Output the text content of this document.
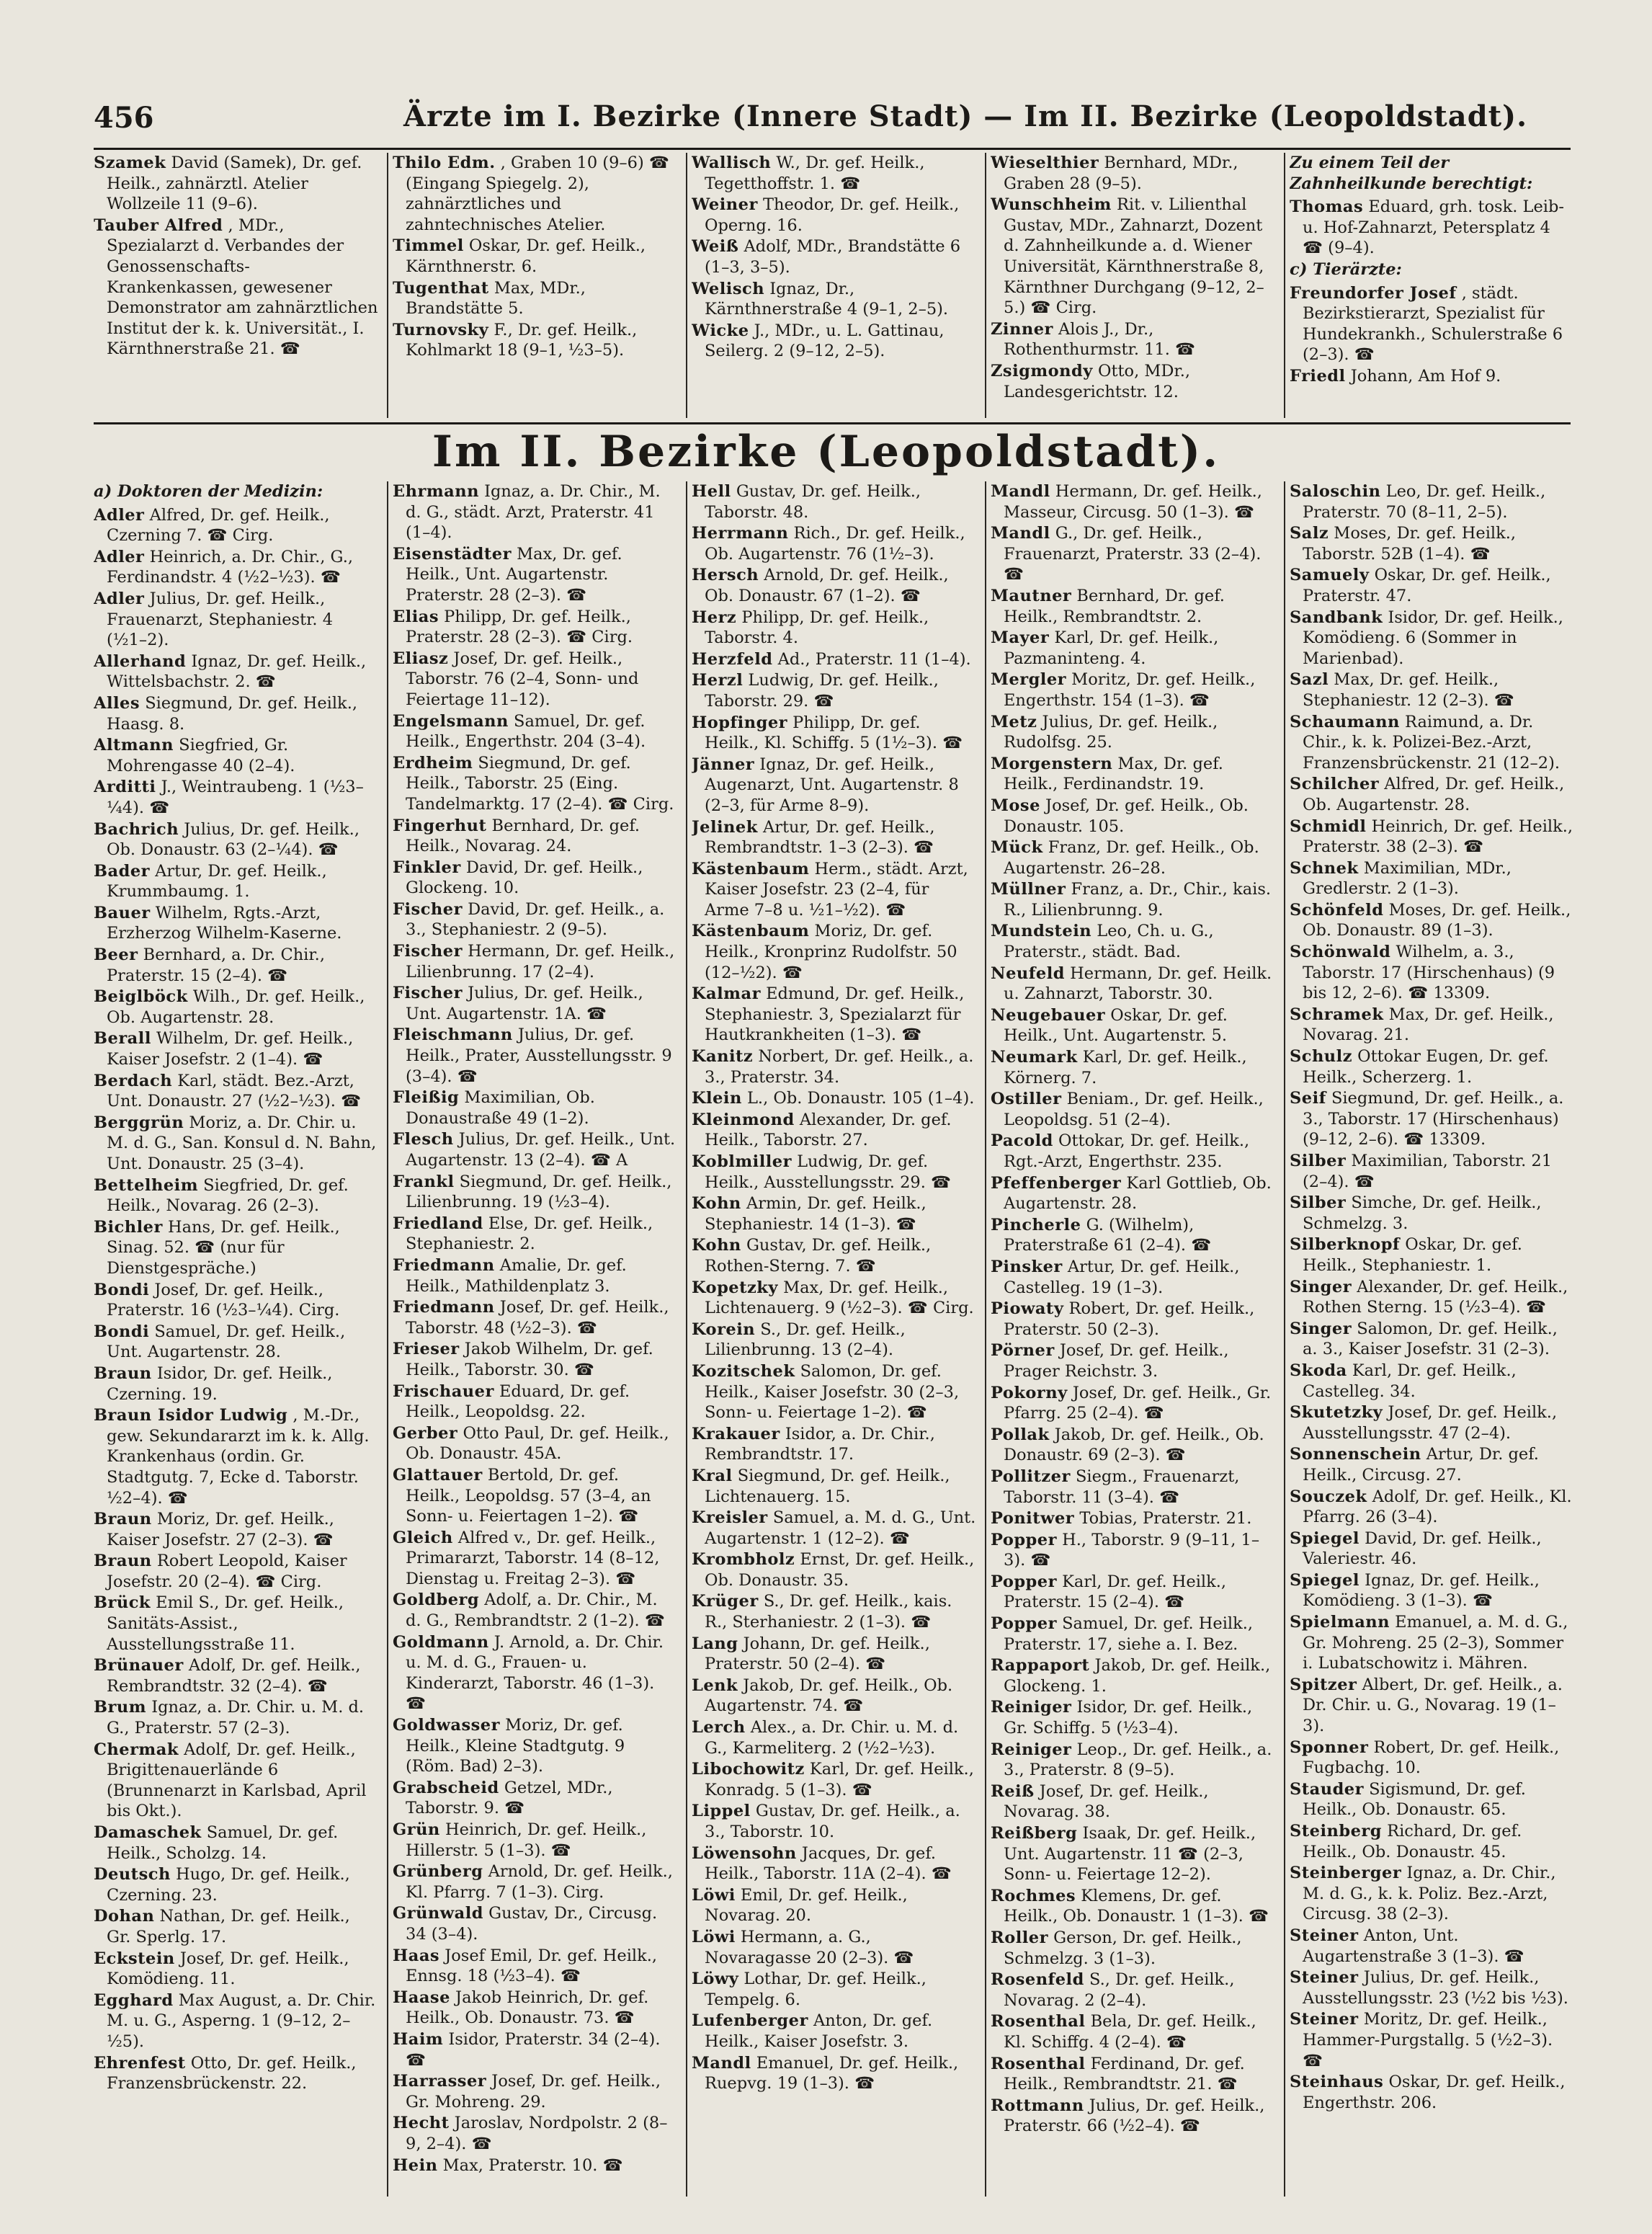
456	Ärzte im I. Bezirke (Innere Stadt) — Im II. Bezirke (Leopoldstadt).
Szamek David (Samek), Dr. gef. Heilk., zahnärztl. Atelier Wollzeile 11 (9–6).
Tauber Alfred , MDr., Spezialarzt d. Verbandes der Genossenschafts-Krankenkassen, gewesener Demonstrator am zahnärztlichen Institut der k. k. Universität., I. Kärnthnerstraße 21. ☎
Thilo Edm. , Graben 10 (9–6) ☎ (Eingang Spiegelg. 2), zahnärztliches und zahntechnisches Atelier.
Timmel Oskar, Dr. gef. Heilk., Kärnthnerstr. 6.
Tugenthat Max, MDr., Brandstätte 5.
Turnovsky F., Dr. gef. Heilk., Kohlmarkt 18 (9–1, ½3–5).
Wallisch W., Dr. gef. Heilk., Tegetthoffstr. 1. ☎
Weiner Theodor, Dr. gef. Heilk., Operng. 16.
Weiß Adolf, MDr., Brandstätte 6 (1–3, 3–5).
Welisch Ignaz, Dr., Kärnthnerstraße 4 (9–1, 2–5).
Wicke J., MDr., u. L. Gattinau, Seilerg. 2 (9–12, 2–5).
Wieselthier Bernhard, MDr., Graben 28 (9–5).
Wunschheim Rit. v. Lilienthal Gustav, MDr., Zahnarzt, Dozent d. Zahnheilkunde a. d. Wiener Universität, Kärnthnerstraße 8, Kärnthner Durchgang (9–12, 2–5.) ☎ Cirg.
Zinner Alois J., Dr., Rothenthurmstr. 11. ☎
Zsigmondy Otto, MDr., Landesgerichtstr. 12.
Zu einem Teil der Zahnheilkunde berechtigt:
Thomas Eduard, grh. tosk. Leib- u. Hof-Zahnarzt, Petersplatz 4 ☎ (9–4).
c) Tierärzte:
Freundorfer Josef , städt. Bezirkstierarzt, Spezialist für Hundekrankh., Schulerstraße 6 (2–3). ☎
Friedl Johann, Am Hof 9.
Im II. Bezirke (Leopoldstadt).
a) Doktoren der Medizin:
Adler Alfred, Dr. gef. Heilk., Czerning 7. ☎ Cirg.
Adler Heinrich, a. Dr. Chir., G., Ferdinandstr. 4 (½2–½3). ☎
Adler Julius, Dr. gef. Heilk., Frauenarzt, Stephaniestr. 4 (½1–2).
Allerhand Ignaz, Dr. gef. Heilk., Wittelsbachstr. 2. ☎
Alles Siegmund, Dr. gef. Heilk., Haasg. 8.
Altmann Siegfried, Gr. Mohrengasse 40 (2–4).
Arditti J., Weintraubeng. 1 (½3–¼4). ☎
Bachrich Julius, Dr. gef. Heilk., Ob. Donaustr. 63 (2–¼4). ☎
Bader Artur, Dr. gef. Heilk., Krummbaumg. 1.
Bauer Wilhelm, Rgts.-Arzt, Erzherzog Wilhelm-Kaserne.
Beer Bernhard, a. Dr. Chir., Praterstr. 15 (2–4). ☎
Beiglböck Wilh., Dr. gef. Heilk., Ob. Augartenstr. 28.
Berall Wilhelm, Dr. gef. Heilk., Kaiser Josefstr. 2 (1–4). ☎
Berdach Karl, städt. Bez.-Arzt, Unt. Donaustr. 27 (½2–½3). ☎
Berggrün Moriz, a. Dr. Chir. u. M. d. G., San. Konsul d. N. Bahn, Unt. Donaustr. 25 (3–4).
Bettelheim Siegfried, Dr. gef. Heilk., Novarag. 26 (2–3).
Bichler Hans, Dr. gef. Heilk., Sinag. 52. ☎ (nur für Dienstgespräche.)
Bondi Josef, Dr. gef. Heilk., Praterstr. 16 (½3–¼4). Cirg.
Bondi Samuel, Dr. gef. Heilk., Unt. Augartenstr. 28.
Braun Isidor, Dr. gef. Heilk., Czerning. 19.
Braun Isidor Ludwig , M.-Dr., gew. Sekundararzt im k. k. Allg. Krankenhaus (ordin. Gr. Stadtgutg. 7, Ecke d. Taborstr. ½2–4). ☎
Braun Moriz, Dr. gef. Heilk., Kaiser Josefstr. 27 (2–3). ☎
Braun Robert Leopold, Kaiser Josefstr. 20 (2–4). ☎ Cirg.
Brück Emil S., Dr. gef. Heilk., Sanitäts-Assist., Ausstellungsstraße 11.
Brünauer Adolf, Dr. gef. Heilk., Rembrandtstr. 32 (2–4). ☎
Brum Ignaz, a. Dr. Chir. u. M. d. G., Praterstr. 57 (2–3).
Chermak Adolf, Dr. gef. Heilk., Brigittenauerlände 6 (Brunnenarzt in Karlsbad, April bis Okt.).
Damaschek Samuel, Dr. gef. Heilk., Scholzg. 14.
Deutsch Hugo, Dr. gef. Heilk., Czerning. 23.
Dohan Nathan, Dr. gef. Heilk., Gr. Sperlg. 17.
Eckstein Josef, Dr. gef. Heilk., Komödieng. 11.
Egghard Max August, a. Dr. Chir. M. u. G., Asperng. 1 (9–12, 2–½5).
Ehrenfest Otto, Dr. gef. Heilk., Franzensbrückenstr. 22.
Ehrmann Ignaz, a. Dr. Chir., M. d. G., städt. Arzt, Praterstr. 41 (1–4).
Eisenstädter Max, Dr. gef. Heilk., Unt. Augartenstr. Praterstr. 28 (2–3). ☎
Elias Philipp, Dr. gef. Heilk., Praterstr. 28 (2–3). ☎ Cirg.
Eliasz Josef, Dr. gef. Heilk., Taborstr. 76 (2–4, Sonn- und Feiertage 11–12).
Engelsmann Samuel, Dr. gef. Heilk., Engerthstr. 204 (3–4).
Erdheim Siegmund, Dr. gef. Heilk., Taborstr. 25 (Eing. Tandelmarktg. 17 (2–4). ☎ Cirg.
Fingerhut Bernhard, Dr. gef. Heilk., Novarag. 24.
Finkler David, Dr. gef. Heilk., Glockeng. 10.
Fischer David, Dr. gef. Heilk., a. 3., Stephaniestr. 2 (9–5).
Fischer Hermann, Dr. gef. Heilk., Lilienbrunng. 17 (2–4).
Fischer Julius, Dr. gef. Heilk., Unt. Augartenstr. 1A. ☎
Fleischmann Julius, Dr. gef. Heilk., Prater, Ausstellungsstr. 9 (3–4). ☎
Fleißig Maximilian, Ob. Donaustraße 49 (1–2).
Flesch Julius, Dr. gef. Heilk., Unt. Augartenstr. 13 (2–4). ☎ A
Frankl Siegmund, Dr. gef. Heilk., Lilienbrunng. 19 (½3–4).
Friedland Else, Dr. gef. Heilk., Stephaniestr. 2.
Friedmann Amalie, Dr. gef. Heilk., Mathildenplatz 3.
Friedmann Josef, Dr. gef. Heilk., Taborstr. 48 (½2–3). ☎
Frieser Jakob Wilhelm, Dr. gef. Heilk., Taborstr. 30. ☎
Frischauer Eduard, Dr. gef. Heilk., Leopoldsg. 22.
Gerber Otto Paul, Dr. gef. Heilk., Ob. Donaustr. 45A.
Glattauer Bertold, Dr. gef. Heilk., Leopoldsg. 57 (3–4, an Sonn- u. Feiertagen 1–2). ☎
Gleich Alfred v., Dr. gef. Heilk., Primararzt, Taborstr. 14 (8–12, Dienstag u. Freitag 2–3). ☎
Goldberg Adolf, a. Dr. Chir., M. d. G., Rembrandtstr. 2 (1–2). ☎
Goldmann J. Arnold, a. Dr. Chir. u. M. d. G., Frauen- u. Kinderarzt, Taborstr. 46 (1–3). ☎
Goldwasser Moriz, Dr. gef. Heilk., Kleine Stadtgutg. 9 (Röm. Bad) 2–3).
Grabscheid Getzel, MDr., Taborstr. 9. ☎
Grün Heinrich, Dr. gef. Heilk., Hillerstr. 5 (1–3). ☎
Grünberg Arnold, Dr. gef. Heilk., Kl. Pfarrg. 7 (1–3). Cirg.
Grünwald Gustav, Dr., Circusg. 34 (3–4).
Haas Josef Emil, Dr. gef. Heilk., Ennsg. 18 (½3–4). ☎
Haase Jakob Heinrich, Dr. gef. Heilk., Ob. Donaustr. 73. ☎
Haim Isidor, Praterstr. 34 (2–4). ☎
Harrasser Josef, Dr. gef. Heilk., Gr. Mohreng. 29.
Hecht Jaroslav, Nordpolstr. 2 (8–9, 2–4). ☎
Hein Max, Praterstr. 10. ☎
Hell Gustav, Dr. gef. Heilk., Taborstr. 48.
Herrmann Rich., Dr. gef. Heilk., Ob. Augartenstr. 76 (1½–3).
Hersch Arnold, Dr. gef. Heilk., Ob. Donaustr. 67 (1–2). ☎
Herz Philipp, Dr. gef. Heilk., Taborstr. 4.
Herzfeld Ad., Praterstr. 11 (1–4).
Herzl Ludwig, Dr. gef. Heilk., Taborstr. 29. ☎
Hopfinger Philipp, Dr. gef. Heilk., Kl. Schiffg. 5 (1½–3). ☎
Jänner Ignaz, Dr. gef. Heilk., Augenarzt, Unt. Augartenstr. 8 (2–3, für Arme 8–9).
Jelinek Artur, Dr. gef. Heilk., Rembrandtstr. 1–3 (2–3). ☎
Kästenbaum Herm., städt. Arzt, Kaiser Josefstr. 23 (2–4, für Arme 7–8 u. ½1–½2). ☎
Kästenbaum Moriz, Dr. gef. Heilk., Kronprinz Rudolfstr. 50 (12–½2). ☎
Kalmar Edmund, Dr. gef. Heilk., Stephaniestr. 3, Spezialarzt für Hautkrankheiten (1–3). ☎
Kanitz Norbert, Dr. gef. Heilk., a. 3., Praterstr. 34.
Klein L., Ob. Donaustr. 105 (1–4).
Kleinmond Alexander, Dr. gef. Heilk., Taborstr. 27.
Koblmiller Ludwig, Dr. gef. Heilk., Ausstellungsstr. 29. ☎
Kohn Armin, Dr. gef. Heilk., Stephaniestr. 14 (1–3). ☎
Kohn Gustav, Dr. gef. Heilk., Rothen-Sterng. 7. ☎
Kopetzky Max, Dr. gef. Heilk., Lichtenauerg. 9 (½2–3). ☎ Cirg.
Korein S., Dr. gef. Heilk., Lilienbrunng. 13 (2–4).
Kozitschek Salomon, Dr. gef. Heilk., Kaiser Josefstr. 30 (2–3, Sonn- u. Feiertage 1–2). ☎
Krakauer Isidor, a. Dr. Chir., Rembrandtstr. 17.
Kral Siegmund, Dr. gef. Heilk., Lichtenauerg. 15.
Kreisler Samuel, a. M. d. G., Unt. Augartenstr. 1 (12–2). ☎
Krombholz Ernst, Dr. gef. Heilk., Ob. Donaustr. 35.
Krüger S., Dr. gef. Heilk., kais. R., Sterhaniestr. 2 (1–3). ☎
Lang Johann, Dr. gef. Heilk., Praterstr. 50 (2–4). ☎
Lenk Jakob, Dr. gef. Heilk., Ob. Augartenstr. 74. ☎
Lerch Alex., a. Dr. Chir. u. M. d. G., Karmeliterg. 2 (½2–½3).
Libochowitz Karl, Dr. gef. Heilk., Konradg. 5 (1–3). ☎
Lippel Gustav, Dr. gef. Heilk., a. 3., Taborstr. 10.
Löwensohn Jacques, Dr. gef. Heilk., Taborstr. 11A (2–4). ☎
Löwi Emil, Dr. gef. Heilk., Novarag. 20.
Löwi Hermann, a. G., Novaragasse 20 (2–3). ☎
Löwy Lothar, Dr. gef. Heilk., Tempelg. 6.
Lufenberger Anton, Dr. gef. Heilk., Kaiser Josefstr. 3.
Mandl Emanuel, Dr. gef. Heilk., Ruepvg. 19 (1–3). ☎
Mandl Hermann, Dr. gef. Heilk., Masseur, Circusg. 50 (1–3). ☎
Mandl G., Dr. gef. Heilk., Frauenarzt, Praterstr. 33 (2–4). ☎
Mautner Bernhard, Dr. gef. Heilk., Rembrandtstr. 2.
Mayer Karl, Dr. gef. Heilk., Pazmaninteng. 4.
Mergler Moritz, Dr. gef. Heilk., Engerthstr. 154 (1–3). ☎
Metz Julius, Dr. gef. Heilk., Rudolfsg. 25.
Morgenstern Max, Dr. gef. Heilk., Ferdinandstr. 19.
Mose Josef, Dr. gef. Heilk., Ob. Donaustr. 105.
Mück Franz, Dr. gef. Heilk., Ob. Augartenstr. 26–28.
Müllner Franz, a. Dr., Chir., kais. R., Lilienbrunng. 9.
Mundstein Leo, Ch. u. G., Praterstr., städt. Bad.
Neufeld Hermann, Dr. gef. Heilk. u. Zahnarzt, Taborstr. 30.
Neugebauer Oskar, Dr. gef. Heilk., Unt. Augartenstr. 5.
Neumark Karl, Dr. gef. Heilk., Körnerg. 7.
Ostiller Beniam., Dr. gef. Heilk., Leopoldsg. 51 (2–4).
Pacold Ottokar, Dr. gef. Heilk., Rgt.-Arzt, Engerthstr. 235.
Pfeffenberger Karl Gottlieb, Ob. Augartenstr. 28.
Pincherle G. (Wilhelm), Praterstraße 61 (2–4). ☎
Pinsker Artur, Dr. gef. Heilk., Castelleg. 19 (1–3).
Piowaty Robert, Dr. gef. Heilk., Praterstr. 50 (2–3).
Pörner Josef, Dr. gef. Heilk., Prager Reichstr. 3.
Pokorny Josef, Dr. gef. Heilk., Gr. Pfarrg. 25 (2–4). ☎
Pollak Jakob, Dr. gef. Heilk., Ob. Donaustr. 69 (2–3). ☎
Pollitzer Siegm., Frauenarzt, Taborstr. 11 (3–4). ☎
Ponitwer Tobias, Praterstr. 21.
Popper H., Taborstr. 9 (9–11, 1–3). ☎
Popper Karl, Dr. gef. Heilk., Praterstr. 15 (2–4). ☎
Popper Samuel, Dr. gef. Heilk., Praterstr. 17, siehe a. I. Bez.
Rappaport Jakob, Dr. gef. Heilk., Glockeng. 1.
Reiniger Isidor, Dr. gef. Heilk., Gr. Schiffg. 5 (½3–4).
Reiniger Leop., Dr. gef. Heilk., a. 3., Praterstr. 8 (9–5).
Reiß Josef, Dr. gef. Heilk., Novarag. 38.
Reißberg Isaak, Dr. gef. Heilk., Unt. Augartenstr. 11 ☎ (2–3, Sonn- u. Feiertage 12–2).
Rochmes Klemens, Dr. gef. Heilk., Ob. Donaustr. 1 (1–3). ☎
Roller Gerson, Dr. gef. Heilk., Schmelzg. 3 (1–3).
Rosenfeld S., Dr. gef. Heilk., Novarag. 2 (2–4).
Rosenthal Bela, Dr. gef. Heilk., Kl. Schiffg. 4 (2–4). ☎
Rosenthal Ferdinand, Dr. gef. Heilk., Rembrandtstr. 21. ☎
Rottmann Julius, Dr. gef. Heilk., Praterstr. 66 (½2–4). ☎
Saloschin Leo, Dr. gef. Heilk., Praterstr. 70 (8–11, 2–5).
Salz Moses, Dr. gef. Heilk., Taborstr. 52B (1–4). ☎
Samuely Oskar, Dr. gef. Heilk., Praterstr. 47.
Sandbank Isidor, Dr. gef. Heilk., Komödieng. 6 (Sommer in Marienbad).
Sazl Max, Dr. gef. Heilk., Stephaniestr. 12 (2–3). ☎
Schaumann Raimund, a. Dr. Chir., k. k. Polizei-Bez.-Arzt, Franzensbrückenstr. 21 (12–2).
Schilcher Alfred, Dr. gef. Heilk., Ob. Augartenstr. 28.
Schmidl Heinrich, Dr. gef. Heilk., Praterstr. 38 (2–3). ☎
Schnek Maximilian, MDr., Gredlerstr. 2 (1–3).
Schönfeld Moses, Dr. gef. Heilk., Ob. Donaustr. 89 (1–3).
Schönwald Wilhelm, a. 3., Taborstr. 17 (Hirschenhaus) (9 bis 12, 2–6). ☎ 13309.
Schramek Max, Dr. gef. Heilk., Novarag. 21.
Schulz Ottokar Eugen, Dr. gef. Heilk., Scherzerg. 1.
Seif Siegmund, Dr. gef. Heilk., a. 3., Taborstr. 17 (Hirschenhaus) (9–12, 2–6). ☎ 13309.
Silber Maximilian, Taborstr. 21 (2–4). ☎
Silber Simche, Dr. gef. Heilk., Schmelzg. 3.
Silberknopf Oskar, Dr. gef. Heilk., Stephaniestr. 1.
Singer Alexander, Dr. gef. Heilk., Rothen Sterng. 15 (½3–4). ☎
Singer Salomon, Dr. gef. Heilk., a. 3., Kaiser Josefstr. 31 (2–3).
Skoda Karl, Dr. gef. Heilk., Castelleg. 34.
Skutetzky Josef, Dr. gef. Heilk., Ausstellungsstr. 47 (2–4).
Sonnenschein Artur, Dr. gef. Heilk., Circusg. 27.
Souczek Adolf, Dr. gef. Heilk., Kl. Pfarrg. 26 (3–4).
Spiegel David, Dr. gef. Heilk., Valeriestr. 46.
Spiegel Ignaz, Dr. gef. Heilk., Komödieng. 3 (1–3). ☎
Spielmann Emanuel, a. M. d. G., Gr. Mohreng. 25 (2–3), Sommer i. Lubatschowitz i. Mähren.
Spitzer Albert, Dr. gef. Heilk., a. Dr. Chir. u. G., Novarag. 19 (1–3).
Sponner Robert, Dr. gef. Heilk., Fugbachg. 10.
Stauder Sigismund, Dr. gef. Heilk., Ob. Donaustr. 65.
Steinberg Richard, Dr. gef. Heilk., Ob. Donaustr. 45.
Steinberger Ignaz, a. Dr. Chir., M. d. G., k. k. Poliz. Bez.-Arzt, Circusg. 38 (2–3).
Steiner Anton, Unt. Augartenstraße 3 (1–3). ☎
Steiner Julius, Dr. gef. Heilk., Ausstellungsstr. 23 (½2 bis ½3).
Steiner Moritz, Dr. gef. Heilk., Hammer-Purgstallg. 5 (½2–3). ☎
Steinhaus Oskar, Dr. gef. Heilk., Engerthstr. 206.
